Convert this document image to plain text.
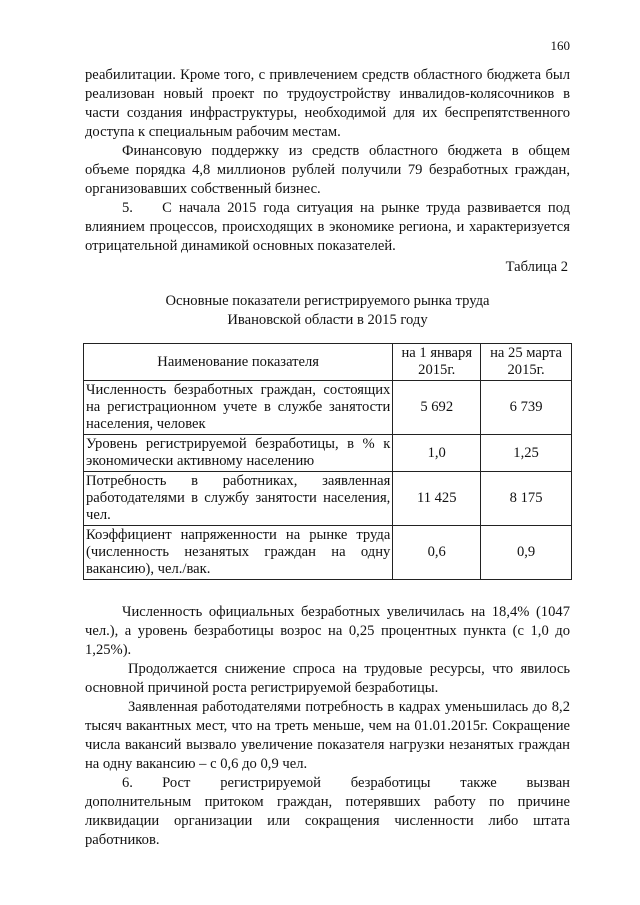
160

реабилитации. Кроме того, с привлечением средств областного бюджета был реализован новый проект по трудоустройству инвалидов-колясочников в части создания инфраструктуры, необходимой для их беспрепятственного доступа к специальным рабочим местам.

Финансовую поддержку из средств областного бюджета в общем объеме порядка 4,8 миллионов рублей получили 79 безработных граждан, организовавших собственный бизнес.

5.  С начала 2015 года ситуация на рынке труда развивается под влиянием процессов, происходящих в экономике региона, и характеризуется отрицательной динамикой основных показателей.

Таблица 2
Основные показатели регистрируемого рынка труда
Ивановской области в 2015 году
Наименование показателя	на 1 января 2015г.	на 25 марта 2015г.
Численность безработных граждан, состоящих на регистрационном учете в службе занятости населения, человек	5 692	6 739
Уровень регистрируемой безработицы, в % к экономически активному населению	1,0	1,25
Потребность в работниках, заявленная работодателями в службу занятости населения, чел.	11 425	8 175
Коэффициент напряженности на рынке труда (численность незанятых граждан на одну вакансию), чел./вак.	0,6	0,9

Численность официальных безработных увеличилась на 18,4% (1047 чел.), а уровень безработицы возрос на 0,25 процентных пункта (с 1,0 до 1,25%).

Продолжается снижение спроса на трудовые ресурсы, что явилось основной причиной роста регистрируемой безработицы.

Заявленная работодателями потребность в кадрах уменьшилась до 8,2 тысяч вакантных мест, что на треть меньше, чем на 01.01.2015г. Сокращение числа вакансий вызвало увеличение показателя нагрузки незанятых граждан на одну вакансию – с 0,6 до 0,9 чел.

6.  Рост регистрируемой безработицы также вызван дополнительным притоком граждан, потерявших работу по причине ликвидации организации или сокращения численности либо штата работников.
